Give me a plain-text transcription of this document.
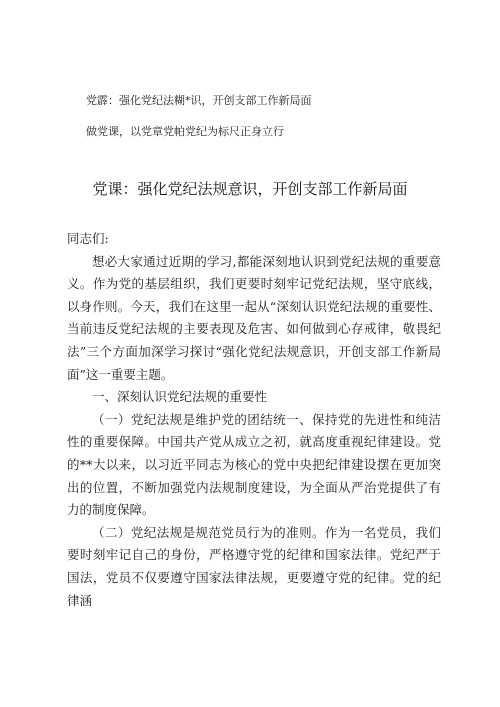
党霹：强化党纪法糊*识，开创支部工作新局面
做党课，以党章党帕党纪为标尺正身立行
党课：强化党纪法规意识，开创支部工作新局面

同志们:

想必大家通过近期的学习,都能深刻地认识到党纪法规的重要意义。作为党的基层组织，我们更要时刻牢记党纪法规，坚守底线，以身作则。今天，我们在这里一起从“深刻认识党纪法规的重要性、当前违反党纪法规的主要表现及危害、如何做到心存戒律，敬畏纪法”三个方面加深学习探讨“强化党纪法规意识，开创支部工作新局面”这一重要主题。

一、深刻认识党纪法规的重要性

（一）党纪法规是维护党的团结统一、保持党的先进性和纯洁性的重要保障。中国共产党从成立之初，就高度重视纪律建设。党的**大以来，以习近平同志为核心的党中央把纪律建设摆在更加突出的位置，不断加强党内法规制度建设，为全面从严治党提供了有力的制度保障。

（二）党纪法规是规范党员行为的准则。作为一名党员，我们要时刻牢记自己的身份，严格遵守党的纪律和国家法律。党纪严于国法，党员不仅要遵守国家法律法规，更要遵守党的纪律。党的纪律涵
